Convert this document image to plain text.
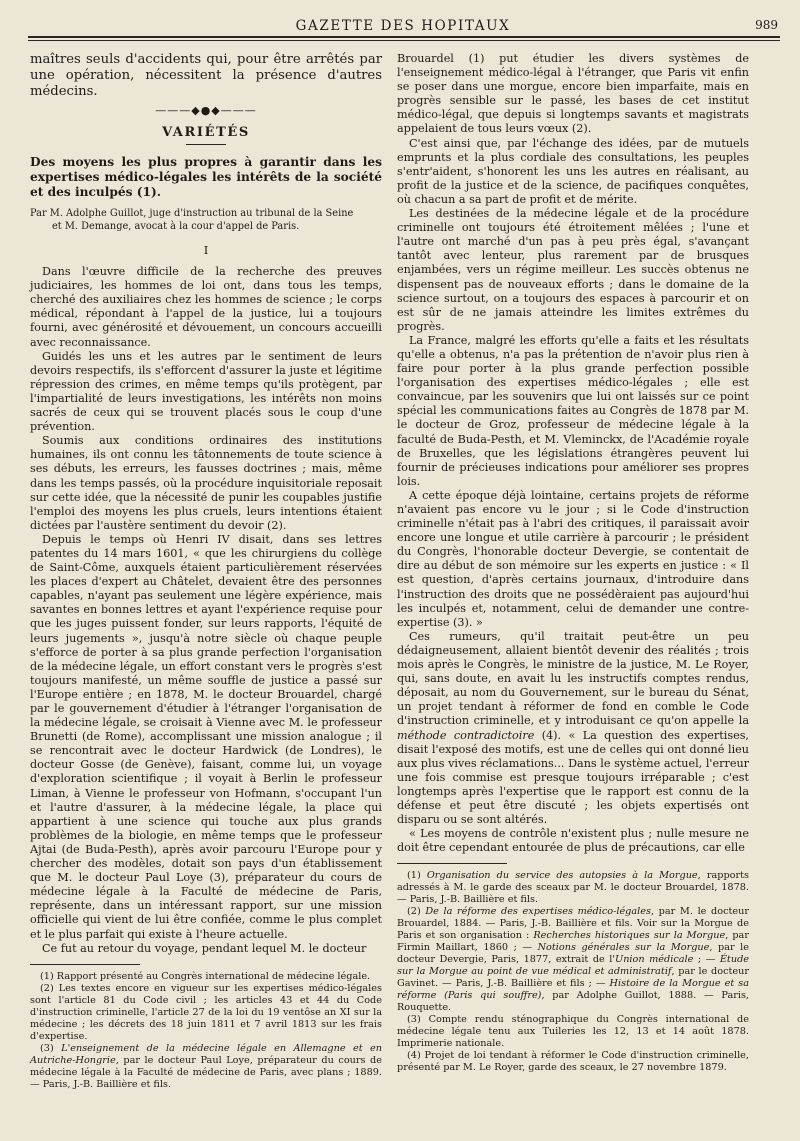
GAZETTE DES HOPITAUX	989

maîtres seuls d'accidents qui, pour être arrêtés par une opération, nécessitent la présence d'autres médecins.

———◆●◆———
VARIÉTÉS
Des moyens les plus propres à garantir dans les expertises médico-légales les intérêts de la société et des inculpés (1).
Par M. Adolphe Guillot, juge d'instruction au tribunal de la Seine
et M. Demange, avocat à la cour d'appel de Paris.
I

Dans l'œuvre difficile de la recherche des preuves judiciaires, les hommes de loi ont, dans tous les temps, cherché des auxiliaires chez les hommes de science ; le corps médical, répondant à l'appel de la justice, lui a toujours fourni, avec générosité et dévouement, un concours accueilli avec reconnaissance.

Guidés les uns et les autres par le sentiment de leurs devoirs respectifs, ils s'efforcent d'assurer la juste et légitime répression des crimes, en même temps qu'ils protègent, par l'impartialité de leurs investigations, les intérêts non moins sacrés de ceux qui se trouvent placés sous le coup d'une prévention.

Soumis aux conditions ordinaires des institutions humaines, ils ont connu les tâtonnements de toute science à ses débuts, les erreurs, les fausses doctrines ; mais, même dans les temps passés, où la procédure inquisitoriale reposait sur cette idée, que la nécessité de punir les coupables justifie l'emploi des moyens les plus cruels, leurs intentions étaient dictées par l'austère sentiment du devoir (2).

Depuis le temps où Henri IV disait, dans ses lettres patentes du 14 mars 1601, « que les chirurgiens du collège de Saint-Côme, auxquels étaient particulièrement réservées les places d'expert au Châtelet, devaient être des personnes capables, n'ayant pas seulement une légère expérience, mais savantes en bonnes lettres et ayant l'expérience requise pour que les juges puissent fonder, sur leurs rapports, l'équité de leurs jugements », jusqu'à notre siècle où chaque peuple s'efforce de porter à sa plus grande perfection l'organisation de la médecine légale, un effort constant vers le progrès s'est toujours manifesté, un même souffle de justice a passé sur l'Europe entière ; en 1878, M. le docteur Brouardel, chargé par le gouvernement d'étudier à l'étranger l'organisation de la médecine légale, se croisait à Vienne avec M. le professeur Brunetti (de Rome), accomplissant une mission analogue ; il se rencontrait avec le docteur Hardwick (de Londres), le docteur Gosse (de Genève), faisant, comme lui, un voyage d'exploration scientifique ; il voyait à Berlin le professeur Liman, à Vienne le professeur von Hofmann, s'occupant l'un et l'autre d'assurer, à la médecine légale, la place qui appartient à une science qui touche aux plus grands problèmes de la biologie, en même temps que le professeur Ajtai (de Buda-Pesth), après avoir parcouru l'Europe pour y chercher des modèles, dotait son pays d'un établissement que M. le docteur Paul Loye (3), préparateur du cours de médecine légale à la Faculté de médecine de Paris, représente, dans un intéressant rapport, sur une mission officielle qui vient de lui être confiée, comme le plus complet et le plus parfait qui existe à l'heure actuelle.

Ce fut au retour du voyage, pendant lequel M. le docteur

(1) Rapport présenté au Congrès international de médecine légale.

(2) Les textes encore en vigueur sur les expertises médico-légales sont l'article 81 du Code civil ; les articles 43 et 44 du Code d'instruction criminelle, l'article 27 de la loi du 19 ventôse an XI sur la médecine ; les décrets des 18 juin 1811 et 7 avril 1813 sur les frais d'expertise.

(3) L'enseignement de la médecine légale en Allemagne et en Autriche-Hongrie, par le docteur Paul Loye, préparateur du cours de médecine légale à la Faculté de médecine de Paris, avec plans ; 1889. — Paris, J.-B. Baillière et fils.

Brouardel (1) put étudier les divers systèmes de l'enseignement médico-légal à l'étranger, que Paris vit enfin se poser dans une morgue, encore bien imparfaite, mais en progrès sensible sur le passé, les bases de cet institut médico-légal, que depuis si longtemps savants et magistrats appelaient de tous leurs vœux (2).

C'est ainsi que, par l'échange des idées, par de mutuels emprunts et la plus cordiale des consultations, les peuples s'entr'aident, s'honorent les uns les autres en réalisant, au profit de la justice et de la science, de pacifiques conquêtes, où chacun a sa part de profit et de mérite.

Les destinées de la médecine légale et de la procédure criminelle ont toujours été étroitement mêlées ; l'une et l'autre ont marché d'un pas à peu près égal, s'avançant tantôt avec lenteur, plus rarement par de brusques enjambées, vers un régime meilleur. Les succès obtenus ne dispensent pas de nouveaux efforts ; dans le domaine de la science surtout, on a toujours des espaces à parcourir et on est sûr de ne jamais atteindre les limites extrêmes du progrès.

La France, malgré les efforts qu'elle a faits et les résultats qu'elle a obtenus, n'a pas la prétention de n'avoir plus rien à faire pour porter à la plus grande perfection possible l'organisation des expertises médico-légales ; elle est convaincue, par les souvenirs que lui ont laissés sur ce point spécial les communications faites au Congrès de 1878 par M. le docteur de Groz, professeur de médecine légale à la faculté de Buda-Pesth, et M. Vleminckx, de l'Académie royale de Bruxelles, que les législations étrangères peuvent lui fournir de précieuses indications pour améliorer ses propres lois.

A cette époque déjà lointaine, certains projets de réforme n'avaient pas encore vu le jour ; si le Code d'instruction criminelle n'était pas à l'abri des critiques, il paraissait avoir encore une longue et utile carrière à parcourir ; le président du Congrès, l'honorable docteur Devergie, se contentait de dire au début de son mémoire sur les experts en justice : « Il est question, d'après certains journaux, d'introduire dans l'instruction des droits que ne possédèraient pas aujourd'hui les inculpés et, notamment, celui de demander une contre-expertise (3). »

Ces rumeurs, qu'il traitait peut-être un peu dédaigneusement, allaient bientôt devenir des réalités ; trois mois après le Congrès, le ministre de la justice, M. Le Royer, qui, sans doute, en avait lu les instructifs comptes rendus, déposait, au nom du Gouvernement, sur le bureau du Sénat, un projet tendant à réformer de fond en comble le Code d'instruction criminelle, et y introduisant ce qu'on appelle la méthode contradictoire (4). « La question des expertises, disait l'exposé des motifs, est une de celles qui ont donné lieu aux plus vives réclamations... Dans le système actuel, l'erreur une fois commise est presque toujours irréparable ; c'est longtemps après l'expertise que le rapport est connu de la défense et peut être discuté ; les objets expertisés ont disparu ou se sont altérés.

« Les moyens de contrôle n'existent plus ; nulle mesure ne doit être cependant entourée de plus de précautions, car elle

(1) Organisation du service des autopsies à la Morgue, rapports adressés à M. le garde des sceaux par M. le docteur Brouardel, 1878. — Paris, J.-B. Baillière et fils.

(2) De la réforme des expertises médico-légales, par M. le docteur Brouardel, 1884. — Paris, J.-B. Baillière et fils. Voir sur la Morgue de Paris et son organisation : Recherches historiques sur la Morgue, par Firmin Maillart, 1860 ; — Notions générales sur la Morgue, par le docteur Devergie, Paris, 1877, extrait de l'Union médicale ; — Étude sur la Morgue au point de vue médical et administratif, par le docteur Gavinet. — Paris, J.-B. Baillière et fils ; — Histoire de la Morgue et sa réforme (Paris qui souffre), par Adolphe Guillot, 1888. — Paris, Rouquette.

(3) Compte rendu sténographique du Congrès international de médecine légale tenu aux Tuileries les 12, 13 et 14 août 1878. Imprimerie nationale.

(4) Projet de loi tendant à réformer le Code d'instruction criminelle, présenté par M. Le Royer, garde des sceaux, le 27 novembre 1879.
